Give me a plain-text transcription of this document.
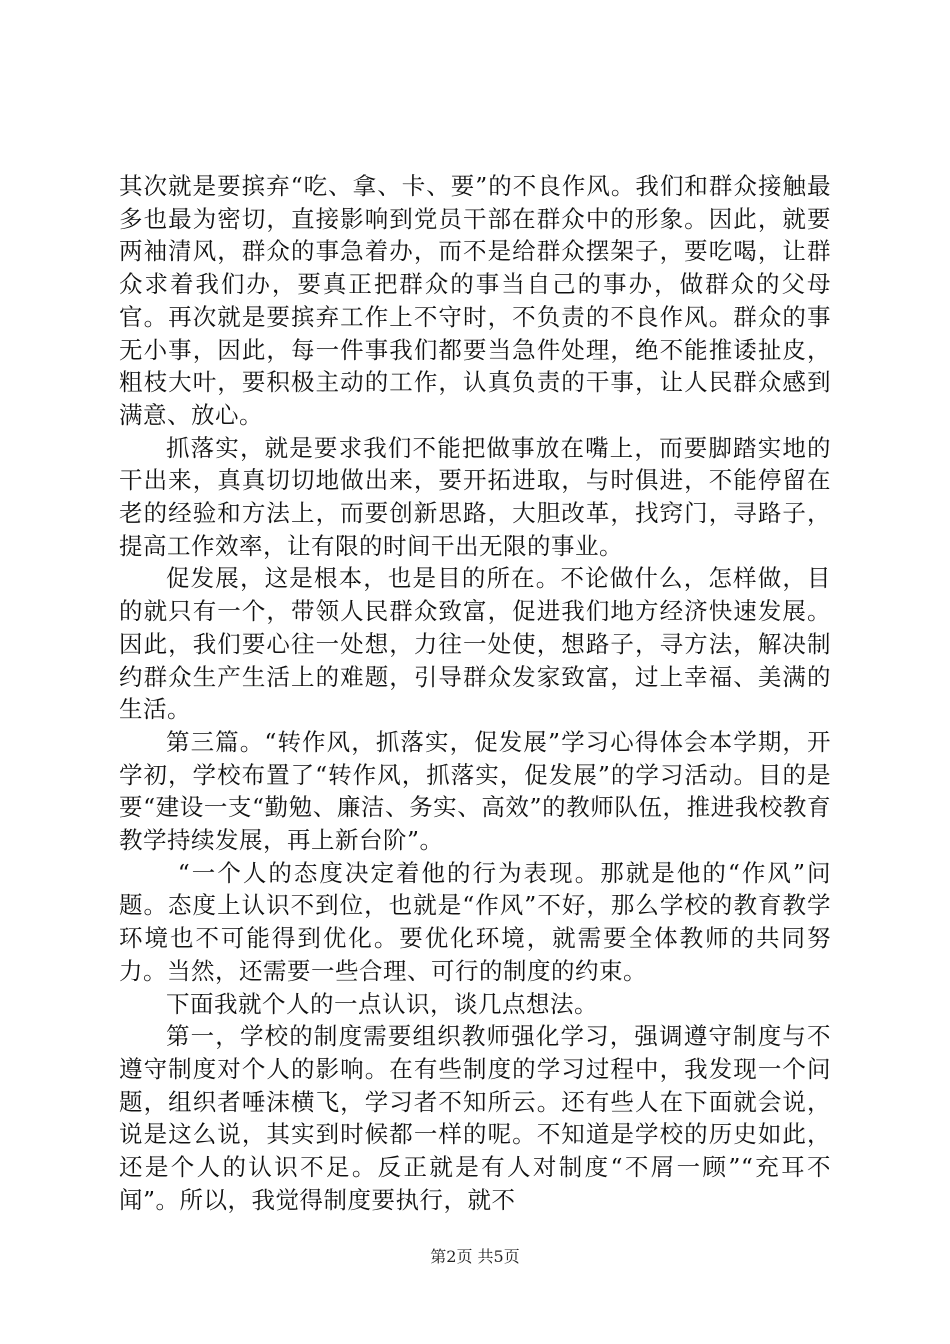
其次就是要摈弃“吃、拿、卡、要”的不良作风。我们和群众接触最多也最为密切，直接影响到党员干部在群众中的形象。因此，就要两袖清风，群众的事急着办，而不是给群众摆架子，要吃喝，让群众求着我们办，要真正把群众的事当自己的事办，做群众的父母官。再次就是要摈弃工作上不守时，不负责的不良作风。群众的事无小事，因此，每一件事我们都要当急件处理，绝不能推诿扯皮，粗枝大叶，要积极主动的工作，认真负责的干事，让人民群众感到满意、放心。

抓落实，就是要求我们不能把做事放在嘴上，而要脚踏实地的干出来，真真切切地做出来，要开拓进取，与时俱进，不能停留在老的经验和方法上，而要创新思路，大胆改革，找窍门，寻路子，提高工作效率，让有限的时间干出无限的事业。

促发展，这是根本，也是目的所在。不论做什么，怎样做，目的就只有一个，带领人民群众致富，促进我们地方经济快速发展。因此，我们要心往一处想，力往一处使，想路子，寻方法，解决制约群众生产生活上的难题，引导群众发家致富，过上幸福、美满的生活。

第三篇。“转作风，抓落实，促发展”学习心得体会本学期，开学初，学校布置了“转作风，抓落实，促发展”的学习活动。目的是要“建设一支“勤勉、廉洁、务实、高效”的教师队伍，推进我校教育教学持续发展，再上新台阶”。

“一个人的态度决定着他的行为表现。那就是他的“作风”问题。态度上认识不到位，也就是“作风”不好，那么学校的教育教学环境也不可能得到优化。要优化环境，就需要全体教师的共同努力。当然，还需要一些合理、可行的制度的约束。

下面我就个人的一点认识，谈几点想法。

第一，学校的制度需要组织教师强化学习，强调遵守制度与不遵守制度对个人的影响。在有些制度的学习过程中，我发现一个问题，组织者唾沫横飞，学习者不知所云。还有些人在下面就会说，说是这么说，其实到时候都一样的呢。不知道是学校的历史如此，还是个人的认识不足。反正就是有人对制度“不屑一顾”“充耳不闻”。所以，我觉得制度要执行，就不

第2页 共5页
